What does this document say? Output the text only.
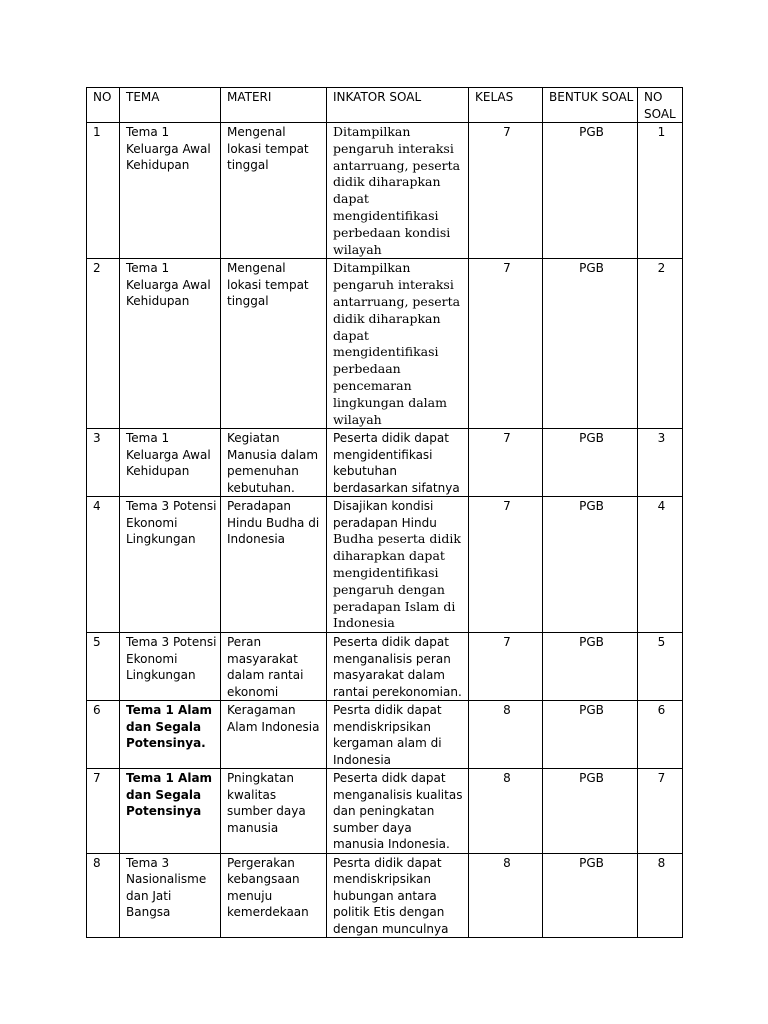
NO	TEMA	MATERI	INKATOR SOAL	KELAS	BENTUK SOAL	NO SOAL
1	Tema 1 Keluarga Awal Kehidupan	Mengenal lokasi tempat tinggal	Ditampilkan pengaruh interaksi antarruang, peserta didik diharapkan dapat mengidentifikasi perbedaan kondisi wilayah	7	PGB	1
2	Tema 1 Keluarga Awal Kehidupan	Mengenal lokasi tempat tinggal	Ditampilkan pengaruh interaksi antarruang, peserta didik diharapkan dapat mengidentifikasi perbedaan pencemaran lingkungan dalam wilayah	7	PGB	2
3	Tema 1 Keluarga Awal Kehidupan	Kegiatan Manusia dalam pemenuhan kebutuhan.	Peserta didik dapat mengidentifikasi kebutuhan berdasarkan sifatnya	7	PGB	3
4	Tema 3 Potensi Ekonomi Lingkungan	Peradapan Hindu Budha di Indonesia	Disajikan kondisi peradapan Hindu Budha peserta didik diharapkan dapat mengidentifikasi pengaruh dengan peradapan Islam di Indonesia	7	PGB	4
5	Tema 3 Potensi Ekonomi Lingkungan	Peran masyarakat dalam rantai ekonomi	Peserta didik dapat menganalisis peran masyarakat dalam rantai perekonomian.	7	PGB	5
6	Tema 1 Alam dan Segala Potensinya.	Keragaman Alam Indonesia	Pesrta didik dapat mendiskripsikan kergaman alam di Indonesia	8	PGB	6
7	Tema 1 Alam dan Segala Potensinya	Pningkatan kwalitas sumber daya manusia	Peserta didk dapat menganalisis kualitas dan peningkatan sumber daya manusia Indonesia.	8	PGB	7
8	Tema 3 Nasionalisme dan Jati Bangsa	Pergerakan kebangsaan menuju kemerdekaan	Pesrta didik dapat mendiskripsikan hubungan antara politik Etis dengan dengan munculnya	8	PGB	8
